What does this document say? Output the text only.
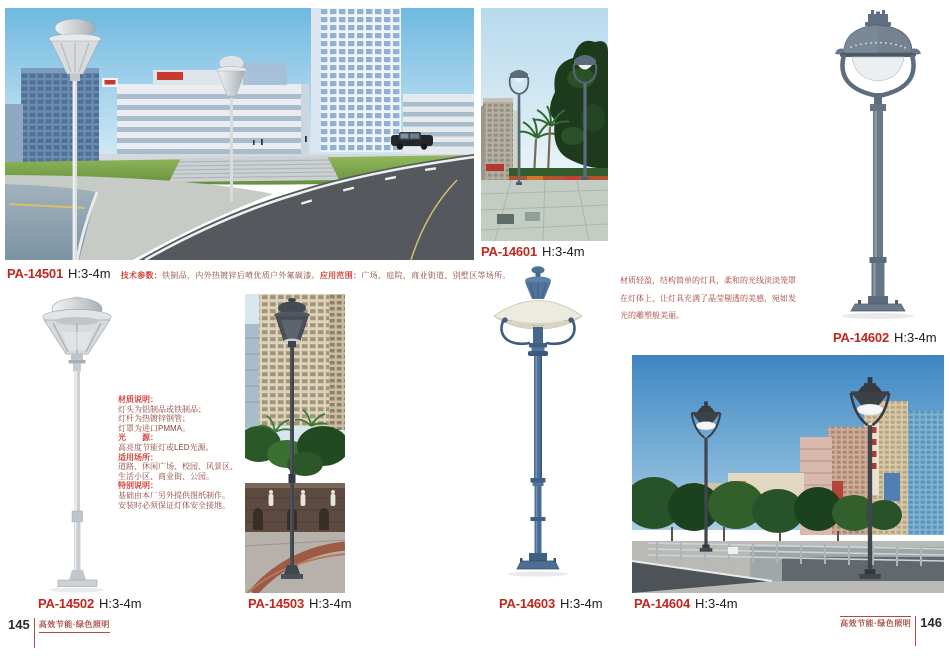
PA-14501 H:3-4m 技术参数：铁制品，内外热镀锌后喷优质户外氟碳漆。应用范围：广场、庭院、商业街道、别墅区等场所。
PA-14601 H:3-4m
PA-14602 H:3-4m
PA-14502 H:3-4m	PA-14503 H:3-4m	PA-14603 H:3-4m PA-14604 H:3-4m
材质说明：
灯头为铝制品或铁制品；
灯杆为热镀锌钢管；
灯罩为进口PMMA。
光　　源：
高亮度节能灯或LED光源。
适用场所：
道路、休闲广场、校园、风景区、
生活小区、商业街、公园。
特别说明：
基础由本厂另外提供图纸制作。
安装时必须保证灯体安全接地。
材质轻盈，结构简单的灯具，柔和的光线淡淡笼罩
在灯体上，让灯具充满了晶莹剔透的美感，宛如发
光的雕塑般美丽。
145 高效节能·绿色照明	高效节能·绿色照明 146
